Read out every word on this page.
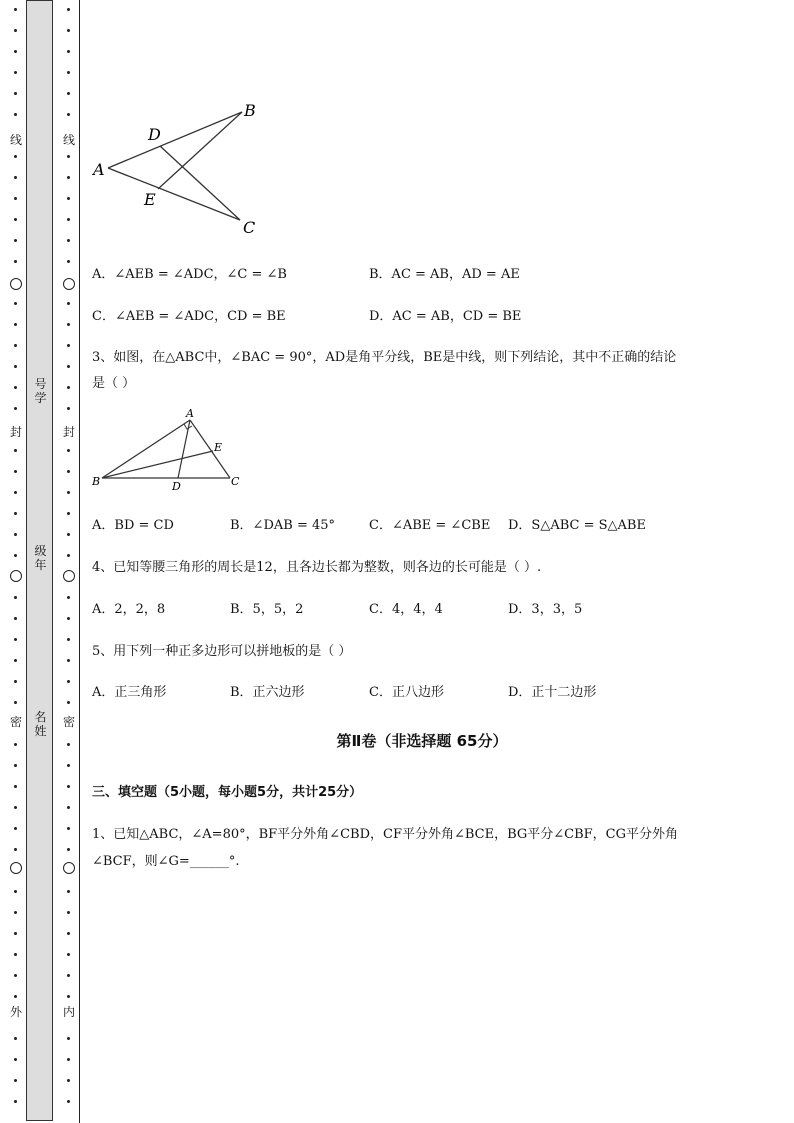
线
封
密
外
线
封
密
内
号学
级年
名姓
A
B
C
D
E
A．∠AEB = ∠ADC，∠C = ∠B	B．AC = AB，AD = AE
C．∠AEB = ∠ADC，CD = BE	D．AC = AB，CD = BE
3、如图，在△ABC中，∠BAC = 90°，AD是角平分线，BE是中线，则下列结论，其中不正确的结论
是（ ）
A
B	C
D
E
A．BD = CD	B．∠DAB = 45°	C．∠ABE = ∠CBE D．S△ABC = S△ABE
4、已知等腰三角形的周长是12，且各边长都为整数，则各边的长可能是（ ）.
A．2，2，8	B．5，5，2	C．4，4，4	D．3，3，5
5、用下列一种正多边形可以拼地板的是（ ）
A．正三角形	B．正六边形	C．正八边形	D．正十二边形
第Ⅱ卷（非选择题 65分）
三、填空题（5小题，每小题5分，共计25分）
1、已知△ABC，∠A=80°，BF平分外角∠CBD，CF平分外角∠BCE，BG平分∠CBF，CG平分外角
∠BCF，则∠G=______°.
